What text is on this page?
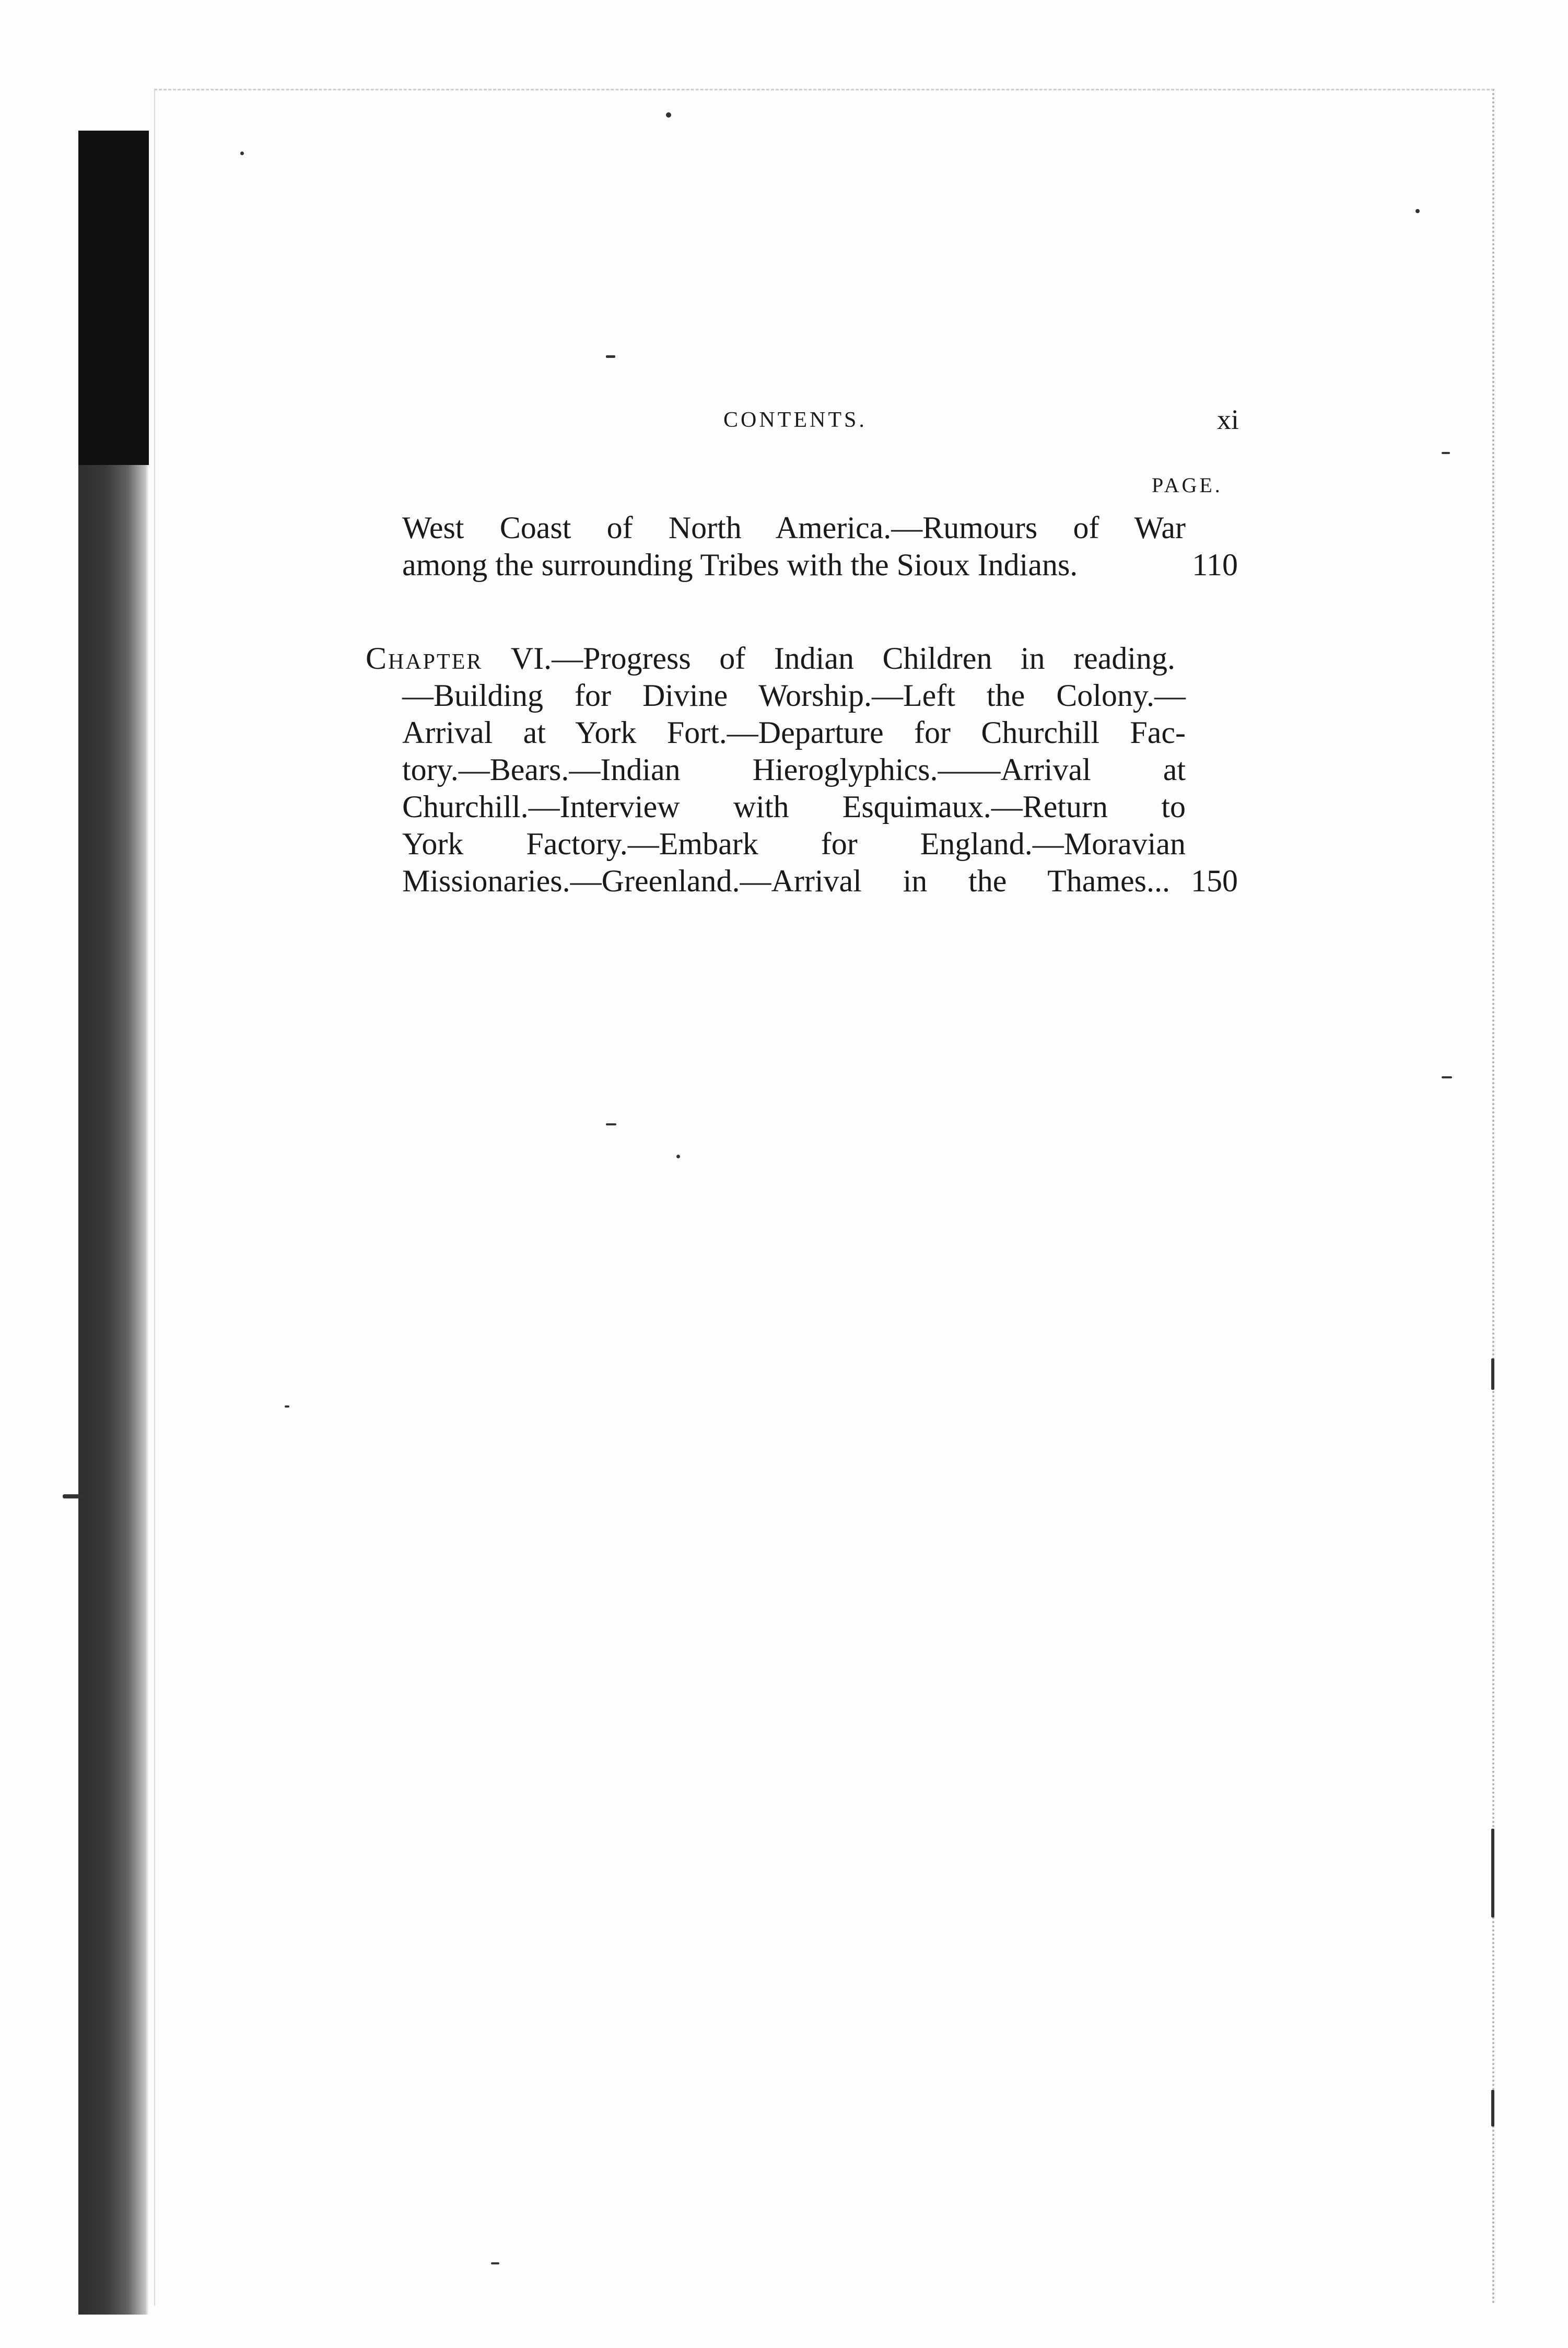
CONTENTS.	xi
PAGE.
West Coast of North America.—Rumours of War
among the surrounding Tribes with the Sioux Indians.	110
Chapter VI.—Progress of Indian Children in reading.
—Building for Divine Worship.—Left the Colony.—
Arrival at York Fort.—Departure for Churchill Fac-
tory.—Bears.—Indian Hieroglyphics.——Arrival at
Churchill.—Interview with Esquimaux.—Return to
York Factory.—Embark for England.—Moravian
Missionaries.—Greenland.—Arrival in the Thames... 150
